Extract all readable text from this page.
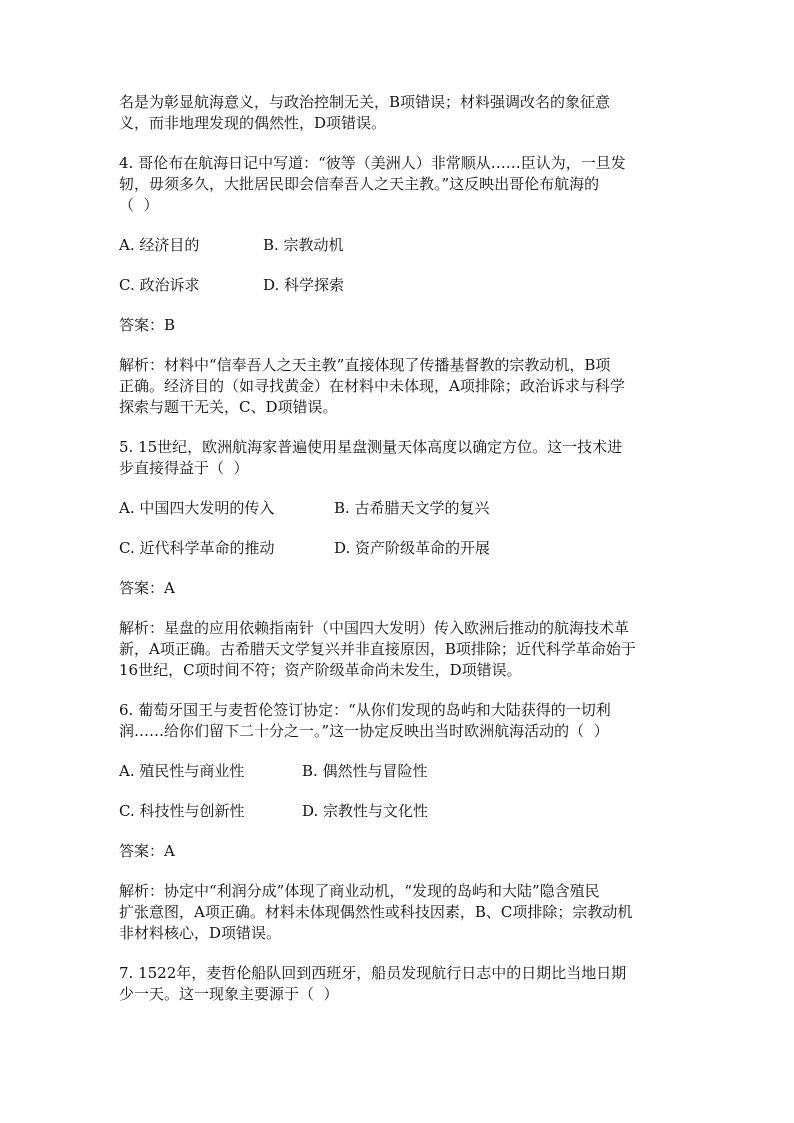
名是为彰显航海意义，与政治控制无关，B项错误；材料强调改名的象征意

义，而非地理发现的偶然性，D项错误。

4. 哥伦布在航海日记中写道：“彼等（美洲人）非常顺从……臣认为，一旦发

轫，毋须多久，大批居民即会信奉吾人之天主教。”这反映出哥伦布航海的

（  ）

A. 经济目的	B. 宗教动机
C. 政治诉求	D. 科学探索

答案：B

解析：材料中“信奉吾人之天主教”直接体现了传播基督教的宗教动机，B项

正确。经济目的（如寻找黄金）在材料中未体现，A项排除；政治诉求与科学

探索与题干无关，C、D项错误。

5. 15世纪，欧洲航海家普遍使用星盘测量天体高度以确定方位。这一技术进

步直接得益于（  ）

A. 中国四大发明的传入	B. 古希腊天文学的复兴
C. 近代科学革命的推动	D. 资产阶级革命的开展

答案：A

解析：星盘的应用依赖指南针（中国四大发明）传入欧洲后推动的航海技术革

新，A项正确。古希腊天文学复兴并非直接原因，B项排除；近代科学革命始于

16世纪，C项时间不符；资产阶级革命尚未发生，D项错误。

6. 葡萄牙国王与麦哲伦签订协定：“从你们发现的岛屿和大陆获得的一切利

润……给你们留下二十分之一。”这一协定反映出当时欧洲航海活动的（  ）

A. 殖民性与商业性	B. 偶然性与冒险性
C. 科技性与创新性	D. 宗教性与文化性

答案：A

解析：协定中“利润分成”体现了商业动机，“发现的岛屿和大陆”隐含殖民

扩张意图，A项正确。材料未体现偶然性或科技因素，B、C项排除；宗教动机

非材料核心，D项错误。

7. 1522年，麦哲伦船队回到西班牙，船员发现航行日志中的日期比当地日期

少一天。这一现象主要源于（  ）
